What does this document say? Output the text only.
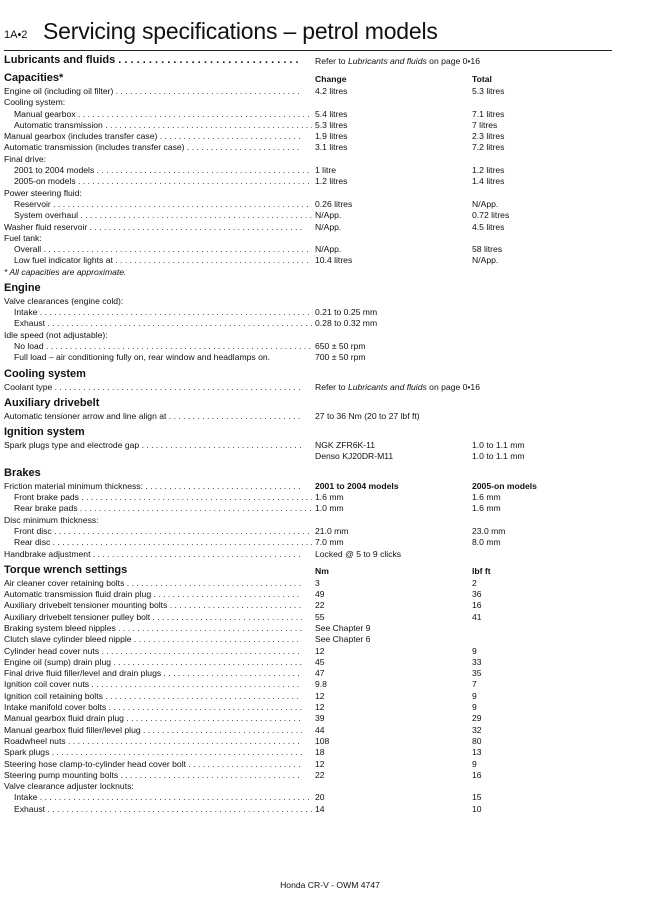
1A•2 Servicing specifications – petrol models
Lubricants and fluids . . .	Refer to Lubricants and fluids on page 0•16
Capacities*	Change	Total
Engine oil (including oil filter) . . .	4.2 litres	5.3 litres
Cooling system:
Manual gearbox . . .	5.4 litres	7.1 litres
Automatic transmission . . .	5.3 litres	7 litres
Manual gearbox (includes transfer case) . . .	1.9 litres	2.3 litres
Automatic transmission (includes transfer case) . . .	3.1 litres	7.2 litres
Final drive:
2001 to 2004 models . . .	1 litre	1.2 litres
2005-on models . . .	1.2 litres	1.4 litres
Power steering fluid:
Reservoir . . .	0.26 litres	N/App.
System overhaul . . .	N/App.	0.72 litres
Washer fluid reservoir . . .	N/App.	4.5 litres
Fuel tank:
Overall . . .	N/App.	58 litres
Low fuel indicator lights at . . .	10.4 litres	N/App.
* All capacities are approximate.
Engine
Valve clearances (engine cold):
Intake . . .	0.21 to 0.25 mm
Exhaust . . .	0.28 to 0.32 mm
Idle speed (not adjustable):
No load . . .	650 ± 50 rpm
Full load – air conditioning fully on, rear window and headlamps on.	700 ± 50 rpm
Cooling system
Coolant type . . .	Refer to Lubricants and fluids on page 0•16
Auxiliary drivebelt
Automatic tensioner arrow and line align at . . .	27 to 36 Nm (20 to 27 lbf ft)
Ignition system
Spark plugs type and electrode gap . . .	NGK ZFR6K-11	1.0 to 1.1 mm
Denso KJ20DR-M11	1.0 to 1.1 mm
Brakes
Friction material minimum thickness: . . .	2001 to 2004 models	2005-on models
Front brake pads . . .	1.6 mm	1.6 mm
Rear brake pads . . .	1.0 mm	1.6 mm
Disc minimum thickness:
Front disc . . .	21.0 mm	23.0 mm
Rear disc . . .	7.0 mm	8.0 mm
Handbrake adjustment . . .	Locked @ 5 to 9 clicks
Torque wrench settings	Nm	lbf ft
Air cleaner cover retaining bolts . . .	3	2
Automatic transmission fluid drain plug . . .	49	36
Auxiliary drivebelt tensioner mounting bolts . . .	22	16
Auxiliary drivebelt tensioner pulley bolt . . .	55	41
Braking system bleed nipples . . .	See Chapter 9
Clutch slave cylinder bleed nipple . . .	See Chapter 6
Cylinder head cover nuts . . .	12	9
Engine oil (sump) drain plug . . .	45	33
Final drive fluid filler/level and drain plugs . . .	47	35
Ignition coil cover nuts . . .	9.8	7
Ignition coil retaining bolts . . .	12	9
Intake manifold cover bolts . . .	12	9
Manual gearbox fluid drain plug . . .	39	29
Manual gearbox fluid filler/level plug . . .	44	32
Roadwheel nuts . . .	108	80
Spark plugs . . .	18	13
Steering hose clamp-to-cylinder head cover bolt . . .	12	9
Steering pump mounting bolts . . .	22	16
Valve clearance adjuster locknuts:
Intake . . .	20	15
Exhaust . . .	14	10
Honda CR-V - OWM 4747
